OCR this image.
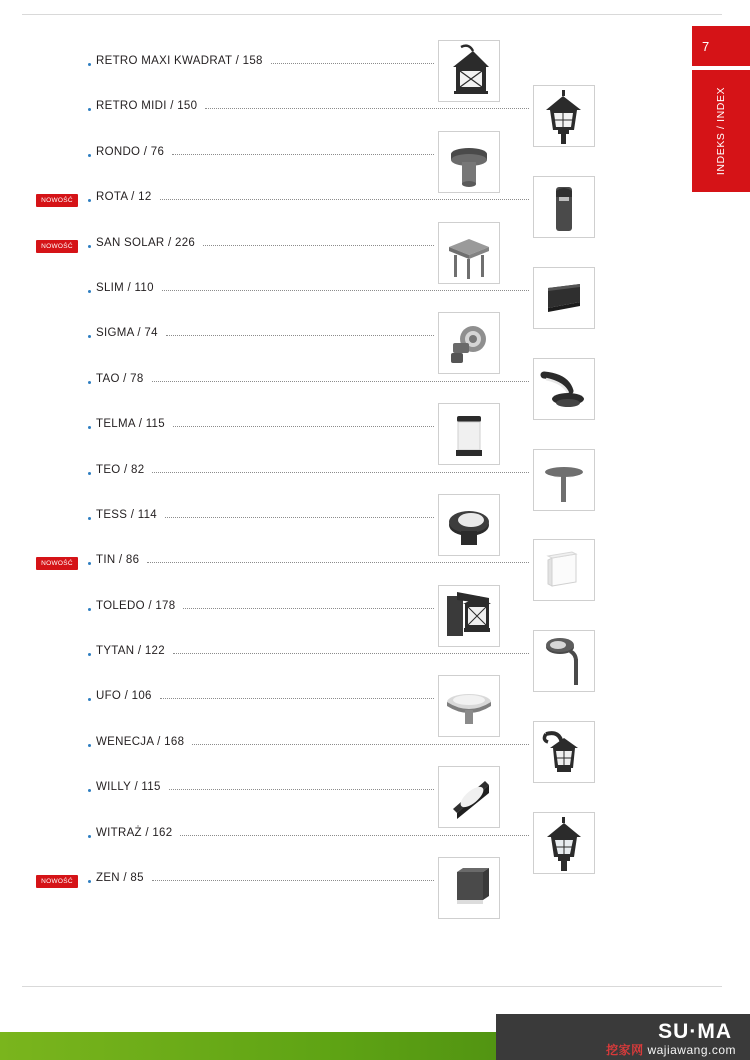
7
INDEKS / INDEX
RETRO MAXI KWADRAT / 158
RETRO MIDI / 150
RONDO / 76
NOWOŚĆ	ROTA / 12
NOWOŚĆ	SAN SOLAR / 226
SLIM / 110
SIGMA / 74
TAO / 78
TELMA / 115
TEO / 82
TESS / 114
NOWOŚĆ	TIN / 86
TOLEDO / 178
TYTAN / 122
UFO / 106
WENECJA / 168
WILLY / 115
WITRAŻ / 162
NOWOŚĆ	ZEN / 85
SU·MA
挖家网 wajiawang.com
